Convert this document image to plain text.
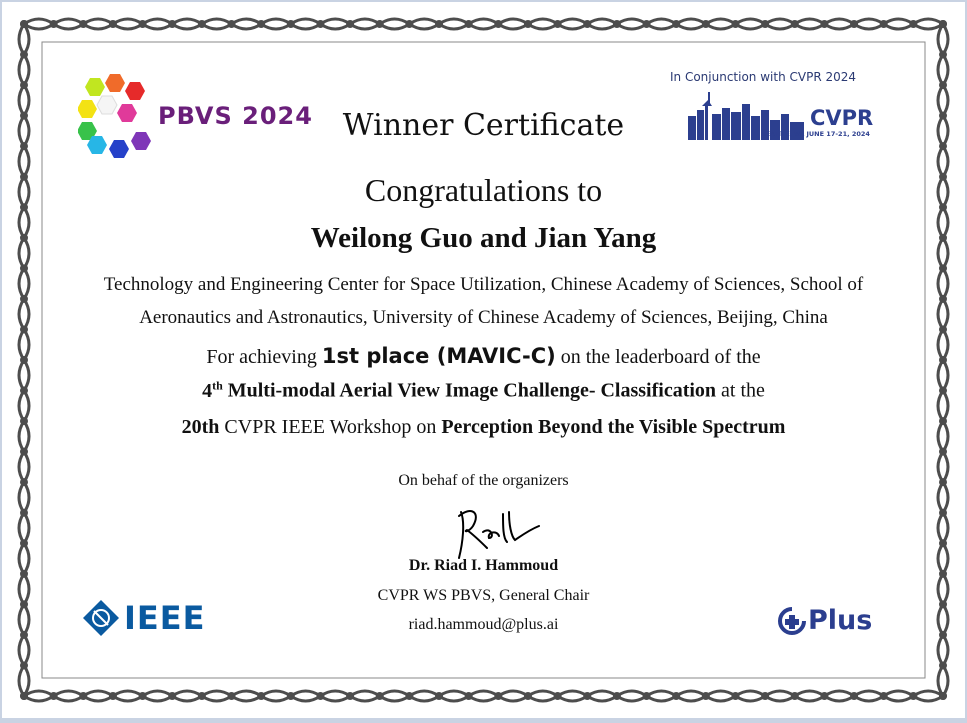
PBVS 2024
In Conjunction with CVPR 2024
CVPR
SEATTLE, WA JUNE 17-21, 2024
Winner Certificate
Congratulations to
Weilong Guo and Jian Yang
Technology and Engineering Center for Space Utilization, Chinese Academy of Sciences, School of
Aeronautics and Astronautics, University of Chinese Academy of Sciences, Beijing, China
For achieving 1st place (MAVIC-C) on the leaderboard of the
4th Multi-modal Aerial View Image Challenge- Classification at the
20th CVPR IEEE Workshop on Perception Beyond the Visible Spectrum
On behaf of the organizers
Dr. Riad I. Hammoud
CVPR WS PBVS, General Chair
riad.hammoud@plus.ai
IEEE	Plus
